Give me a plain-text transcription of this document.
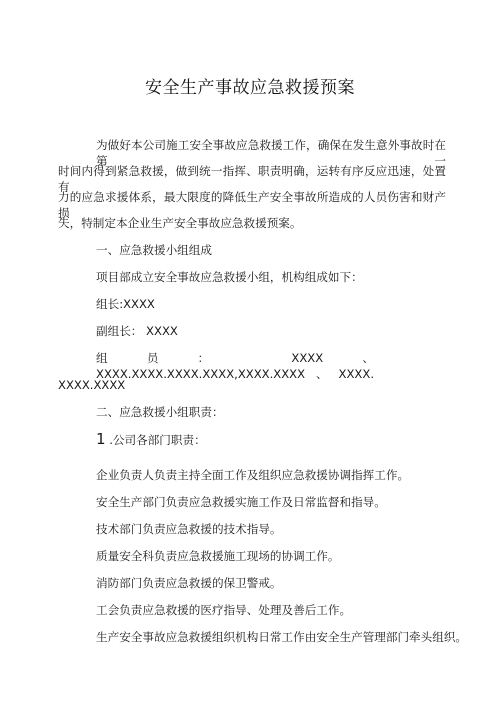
安全生产事故应急救援预案
为做好本公司施工安全事故应急救援工作，确保在发生意外事故时在第一
时间内得到紧急救援，做到统一指挥、职责明确，运转有序反应迅速，处置有
力的应急求援体系，最大限度的降低生产安全事故所造成的人员伤害和财产损
失，特制定本企业生产安全事故应急救援预案。
一、应急救援小组组成
项目部成立安全事故应急救援小组，机构组成如下：
组长:XXXX
副组长： XXXX
组员： XXXX、XXXX.XXXX.XXXX.XXXX,XXXX.XXXX、XXXX.
XXXX.XXXX
二、应急救援小组职责：
1 .公司各部门职责：
企业负责人负责主持全面工作及组织应急救援协调指挥工作。
安全生产部门负责应急救援实施工作及日常监督和指导。
技术部门负责应急救援的技术指导。
质量安全科负责应急救援施工现场的协调工作。
消防部门负责应急救援的保卫警戒。
工会负责应急救援的医疗指导、处理及善后工作。
生产安全事故应急救援组织机构日常工作由安全生产管理部门牵头组织。
